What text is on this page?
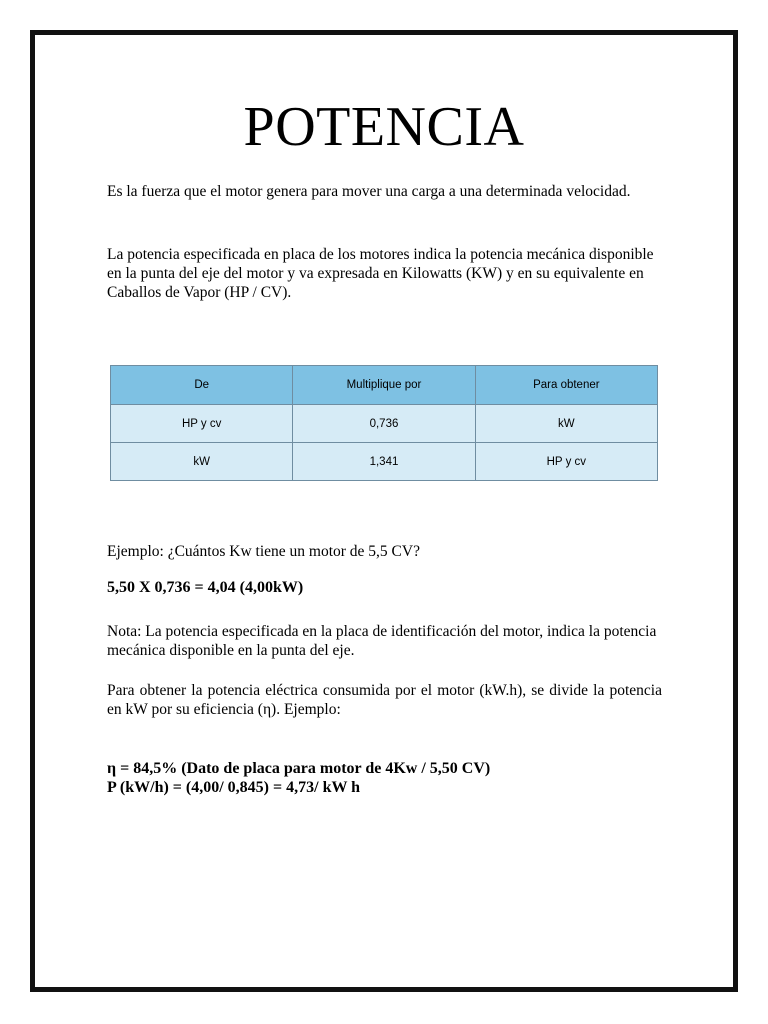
POTENCIA

Es la fuerza que el motor genera para mover una carga a una determinada velocidad.

La potencia especificada en placa de los motores indica la potencia mecánica disponible en la punta del eje del motor y va expresada en Kilowatts (KW) y en su equivalente en Caballos de Vapor (HP / CV).

De	Multiplique por	Para obtener
HP y cv	0,736	kW
kW	1,341	HP y cv

Ejemplo: ¿Cuántos Kw tiene un motor de 5,5 CV?

5,50 X 0,736 = 4,04 (4,00kW)

Nota: La potencia especificada en la placa de identificación del motor, indica la potencia mecánica disponible en la punta del eje.

Para obtener la potencia eléctrica consumida por el motor (kW.h), se divide la potencia en kW por su eficiencia (η). Ejemplo:

η = 84,5% (Dato de placa para motor de 4Kw / 5,50 CV)
P (kW/h) = (4,00/ 0,845) = 4,73/ kW h
